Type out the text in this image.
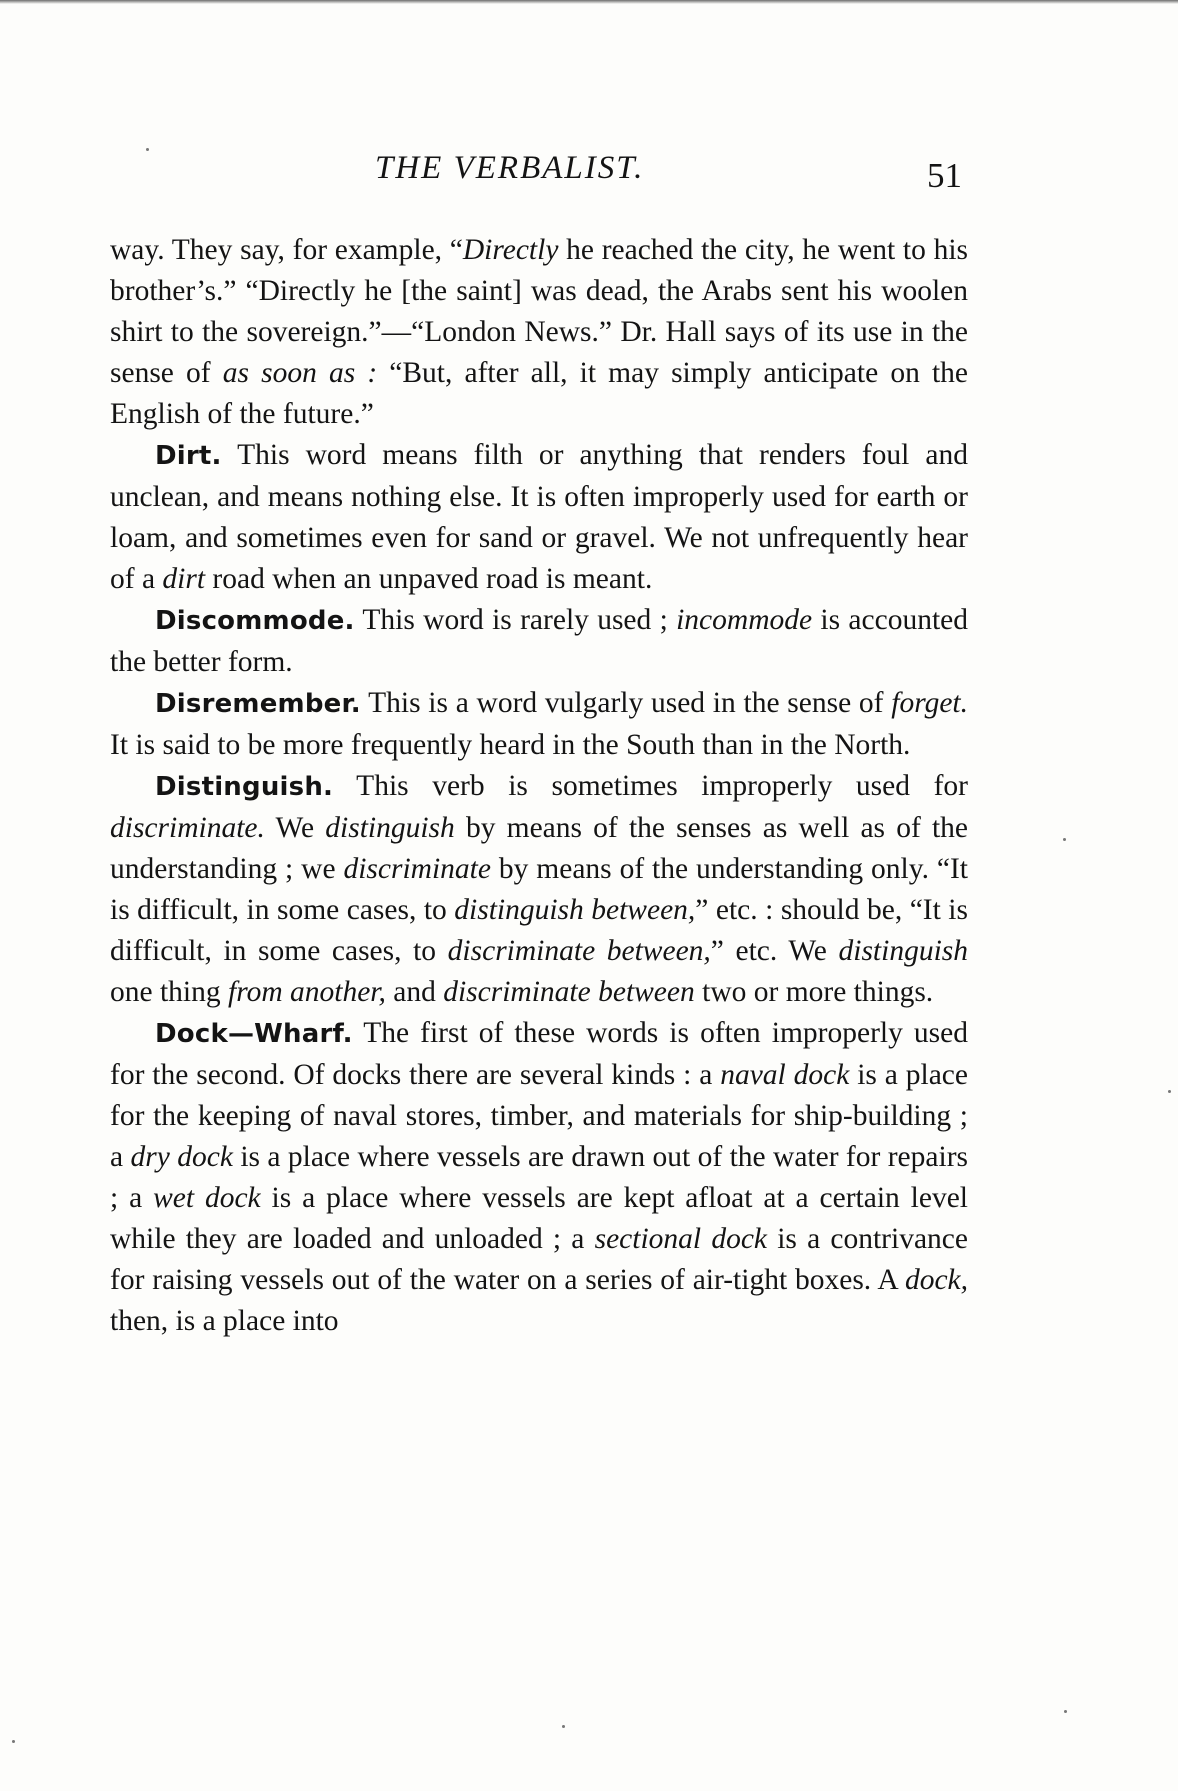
THE VERBALIST.	51

way. They say, for example, “Directly he reached the city, he went to his brother’s.” “Directly he [the saint] was dead, the Arabs sent his woolen shirt to the sovereign.”—“London News.” Dr. Hall says of its use in the sense of as soon as : “But, after all, it may simply anticipate on the English of the future.”

Dirt. This word means filth or anything that renders foul and unclean, and means nothing else. It is often improperly used for earth or loam, and sometimes even for sand or gravel. We not unfrequently hear of a dirt road when an unpaved road is meant.

Discommode. This word is rarely used ; incommode is accounted the better form.

Disremember. This is a word vulgarly used in the sense of forget. It is said to be more frequently heard in the South than in the North.

Distinguish. This verb is sometimes improperly used for discriminate. We distinguish by means of the senses as well as of the understanding ; we discriminate by means of the understanding only. “It is difficult, in some cases, to distinguish between,” etc. : should be, “It is difficult, in some cases, to discriminate between,” etc. We distinguish one thing from another, and discriminate between two or more things.

Dock—Wharf. The first of these words is often improperly used for the second. Of docks there are several kinds : a naval dock is a place for the keeping of naval stores, timber, and materials for ship-building ; a dry dock is a place where vessels are drawn out of the water for repairs ; a wet dock is a place where vessels are kept afloat at a certain level while they are loaded and unloaded ; a sectional dock is a contrivance for raising vessels out of the water on a series of air-tight boxes. A dock, then, is a place into
